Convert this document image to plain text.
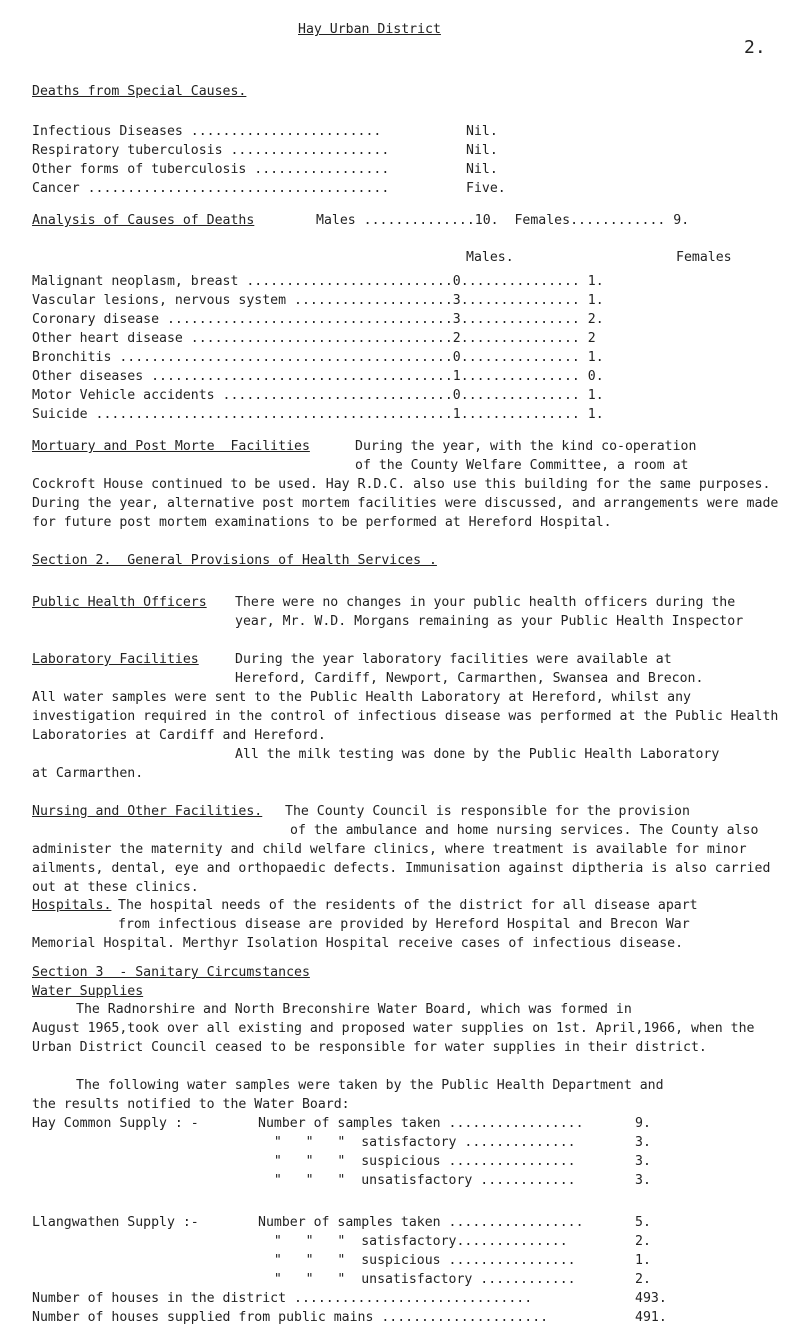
Hay Urban District
2.
Deaths from Special Causes.
Infectious Diseases ........................	Nil.
Respiratory tuberculosis ....................	Nil.
Other forms of tuberculosis .................	Nil.
Cancer ......................................	Five.
Analysis of Causes of Deaths	Males ..............10.  Females............ 9.
Males.	Females
Malignant neoplasm, breast ..........................0............... 1.
Vascular lesions, nervous system ....................3............... 1.
Coronary disease ....................................3............... 2.
Other heart disease .................................2............... 2
Bronchitis ..........................................0............... 1.
Other diseases ......................................1............... 0.
Motor Vehicle accidents .............................0............... 1.
Suicide .............................................1............... 1.
Mortuary and Post Morte  Facilities	During the year, with the kind co-operation
of the County Welfare Committee, a room at
Cockroft House continued to be used. Hay R.D.C. also use this building for the same purposes. During the year, alternative post mortem facilities were discussed, and arrangements were made for future post mortem examinations to be performed at Hereford Hospital.
Section 2.  General Provisions of Health Services .
Public Health Officers There were no changes in your public health officers during the
year, Mr. W.D. Morgans remaining as your Public Health Inspector
Laboratory Facilities	During the year laboratory facilities were available at
Hereford, Cardiff, Newport, Carmarthen, Swansea and Brecon.
All water samples were sent to the Public Health Laboratory at Hereford, whilst any investigation required in the control of infectious disease was performed at the Public Health Laboratories at Cardiff and Hereford.
All the milk testing was done by the Public Health Laboratory
at Carmarthen.
Nursing and Other Facilities. The County Council is responsible for the provision
of the ambulance and home nursing services. The County also administer the maternity and child welfare clinics, where treatment is available for minor ailments, dental, eye and orthopaedic defects. Immunisation against diptheria is also carried out at these clinics.
Hospitals. The hospital needs of the residents of the district for all disease apart
from infectious disease are provided by Hereford Hospital and Brecon War
Memorial Hospital. Merthyr Isolation Hospital receive cases of infectious disease.
Section 3  - Sanitary Circumstances
Water Supplies
The Radnorshire and North Breconshire Water Board, which was formed in
August 1965,took over all existing and proposed water supplies on 1st. April,1966, when the Urban District Council ceased to be responsible for water supplies in their district.
The following water samples were taken by the Public Health Department and
the results notified to the Water Board:
Hay Common Supply : -	Number of samples taken .................	9.
"   "   "  satisfactory ..............	3.
"   "   "  suspicious ................	3.
"   "   "  unsatisfactory ............	3.
Llangwathen Supply :-	Number of samples taken .................	5.
"   "   "  satisfactory..............	2.
"   "   "  suspicious ................	1.
"   "   "  unsatisfactory ............	2.
Number of houses in the district ..............................	493.
Number of houses supplied from public mains .....................	491.
